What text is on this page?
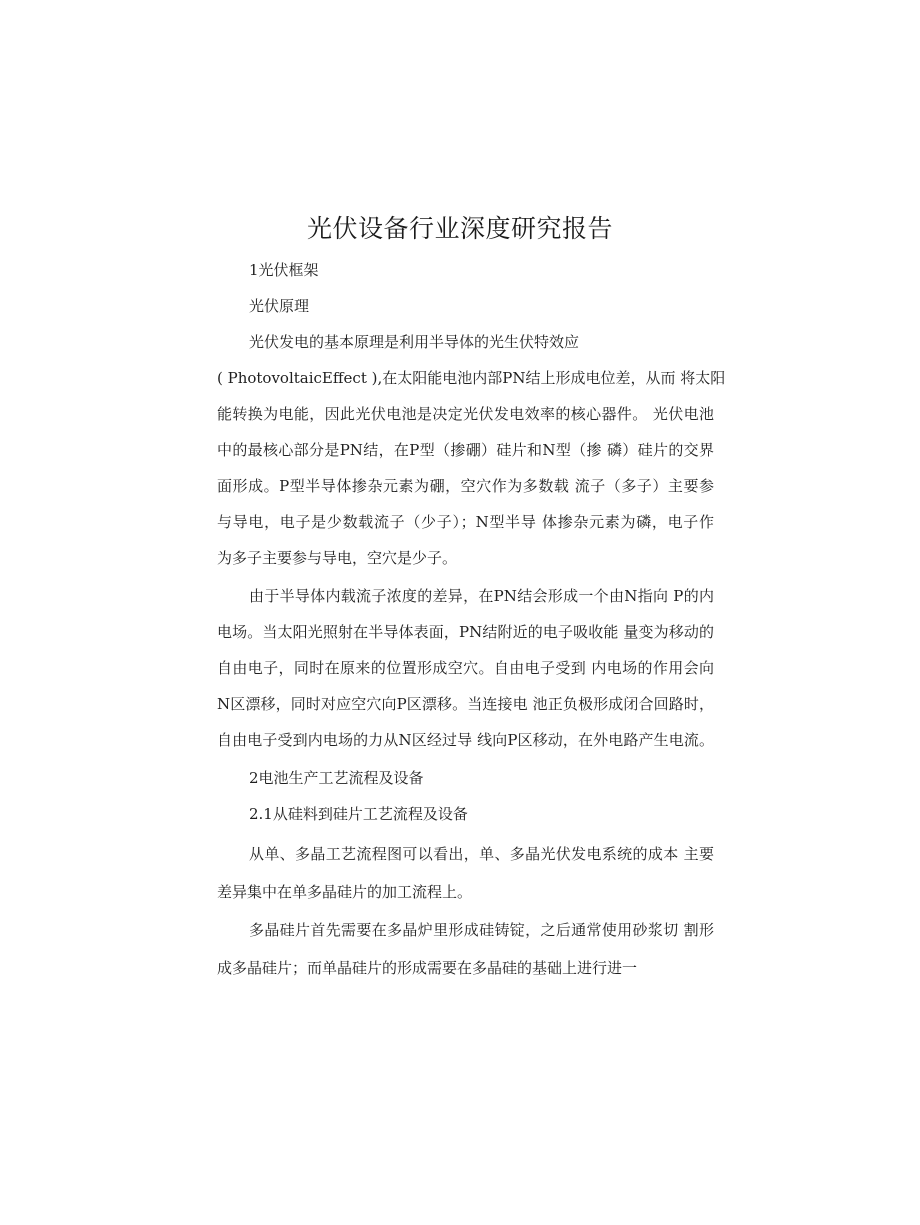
光伏设备行业深度研究报告
1光伏框架
光伏原理
光伏发电的基本原理是利用半导体的光生伏特效应
( PhotovoltaicEffect ),在太阳能电池内部PN结上形成电位差，从而 将太阳
能转换为电能，因此光伏电池是决定光伏发电效率的核心器件。 光伏电池
中的最核心部分是PN结，在P型（掺硼）硅片和N型（掺 磷）硅片的交界
面形成。P型半导体掺杂元素为硼，空穴作为多数载 流子（多子）主要参
与导电，电子是少数载流子（少子）；N型半导 体掺杂元素为磷，电子作
为多子主要参与导电，空穴是少子。
由于半导体内载流子浓度的差异，在PN结会形成一个由N指向 P的内
电场。当太阳光照射在半导体表面，PN结附近的电子吸收能 量变为移动的
自由电子，同时在原来的位置形成空穴。自由电子受到 内电场的作用会向
N区漂移，同时对应空穴向P区漂移。当连接电 池正负极形成闭合回路时，
自由电子受到内电场的力从N区经过导 线向P区移动，在外电路产生电流。
2电池生产工艺流程及设备
2.1从硅料到硅片工艺流程及设备
从单、多晶工艺流程图可以看出，单、多晶光伏发电系统的成本 主要
差异集中在单多晶硅片的加工流程上。
多晶硅片首先需要在多晶炉里形成硅铸锭，之后通常使用砂浆切 割形
成多晶硅片；而单晶硅片的形成需要在多晶硅的基础上进行进一
